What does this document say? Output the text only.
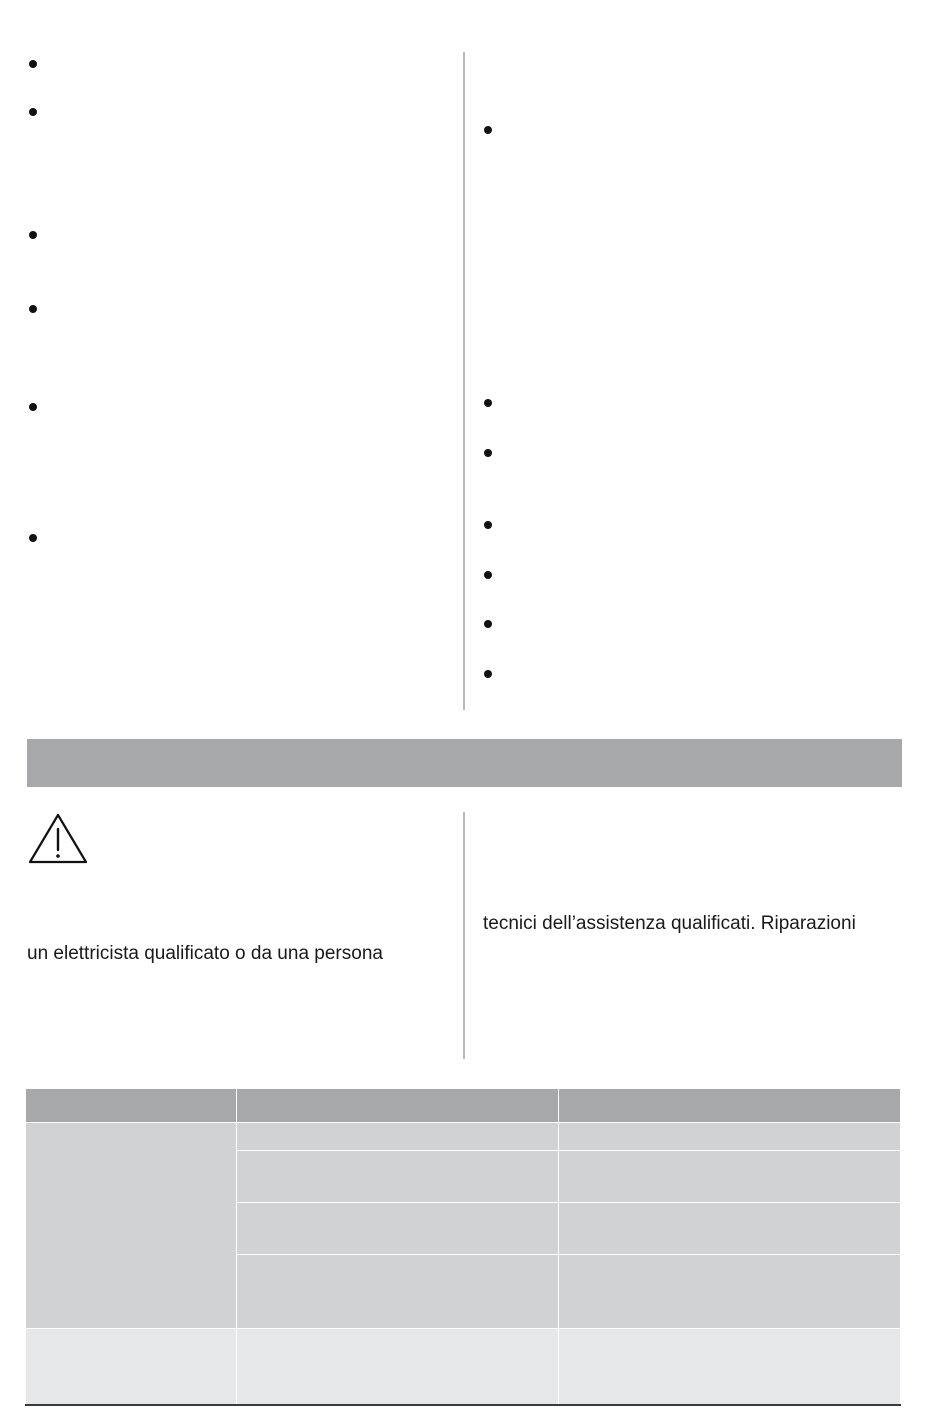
un elettricista qualificato o da una persona
tecnici dell’assistenza qualificati. Riparazioni
